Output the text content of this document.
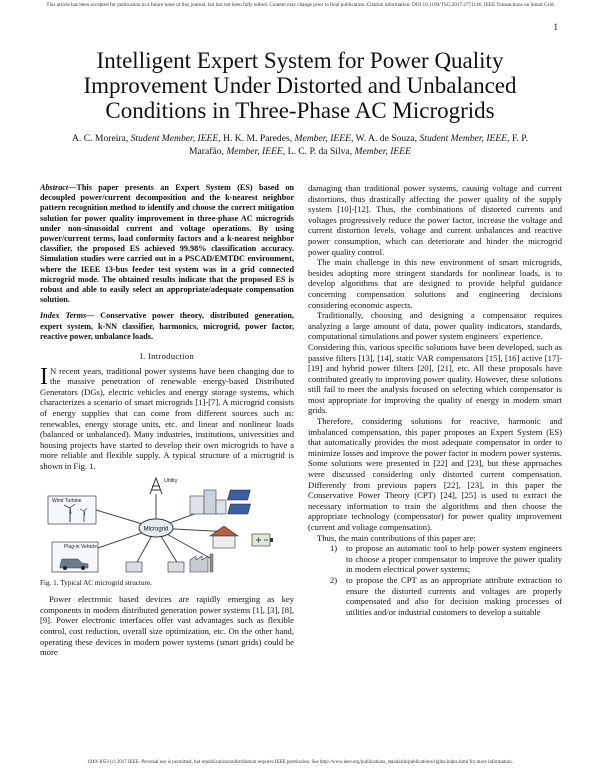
This article has been accepted for publication in a future issue of this journal, but has not been fully edited. Content may change prior to final publication. Citation information: DOI 10.1109/TSG.2017.2771146, IEEE Transactions on Smart Grid
1
Intelligent Expert System for Power Quality Improvement Under Distorted and Unbalanced Conditions in Three-Phase AC Microgrids
A. C. Moreira, Student Member, IEEE, H. K. M. Paredes, Member, IEEE, W. A. de Souza, Student Member, IEEE, F. P. Marafão, Member, IEEE, L. C. P. da Silva, Member, IEEE
Abstract—This paper presents an Expert System (ES) based on decoupled power/current decomposition and the k-nearest neighbor pattern recognition method to identify and choose the correct mitigation solution for power quality improvement in three-phase AC microgrids under non-sinusoidal current and voltage operations. By using power/current terms, load conformity factors and a k-nearest neighbor classifier, the proposed ES achieved 99.98% classification accuracy. Simulation studies were carried out in a PSCAD/EMTDC environment, where the IEEE 13-bus feeder test system was in a grid connected microgrid mode. The obtained results indicate that the proposed ES is robust and able to easily select an appropriate/adequate compensation solution.
Index Terms— Conservative power theory, distributed generation, expert system, k-NN classifier, harmonics, microgrid, power factor, reactive power, unbalance loads.
I. Introduction

I N recent years, traditional power systems have been changing due to the massive penetration of renewable energy-based Distributed Generators (DGs), electric vehicles and energy storage systems, which characterizes a scenario of smart microgrids [1]-[7]. A microgrid consists of energy supplies that can come from different sources such as: renewables, energy storage units, etc. and linear and nonlinear loads (balanced or unbalanced). Many industries, institutions, universities and housing projects have started to develop their own microgrids to have a more reliable and flexible supply. A typical structure of a microgrid is shown in Fig. 1.

Utility
Wind Turbine
Microgrid
Plug-in Vehicle
Fig. 1. Typical AC microgrid structure.

Power electronic based devices are rapidly emerging as key components in modern distributed generation power systems [1], [3], [8], [9]. Power electronic interfaces offer vast advantages such as flexible control, cost reduction, overall size optimization, etc. On the other hand, operating these devices in modern power systems (smart grids) could be more

damaging than traditional power systems, causing voltage and current distortions, thus drastically affecting the power quality of the supply system [10]-[12]. Thus, the combinations of distorted currents and voltages progressively reduce the power factor, increase the voltage and current distortion levels, voltage and current unbalances and reactive power consumption, which can deteriorate and hinder the microgrid power quality control.

The main challenge in this new environment of smart microgrids, besides adopting more stringent standards for nonlinear loads, is to develop algorithms that are designed to provide helpful guidance concerning compensation solutions and engineering decisions considering economic aspects.

Traditionally, choosing and designing a compensator requires analyzing a large amount of data, power quality indicators, standards, computational simulations and power system engineers´ experience.

Considering this, various specific solutions have been developed, such as passive filters [13], [14], static VAR compensators [15], [16] active [17]-[19] and hybrid power filters [20], [21], etc. All these proposals have contributed greatly to improving power quality. However, these solutions still fail to meet the analysis focused on selecting which compensator is most appropriate for improving the quality of energy in modern smart grids.

Therefore, considering solutions for reactive, harmonic and imbalanced compensation, this paper proposes an Expert System (ES) that automatically provides the most adequate compensator in order to minimize losses and improve the power factor in modern power systems. Some solutions were presented in [22] and [23], but these approaches were discussed considering only distorted current compensation. Differently from previous papers [22], [23], in this paper the Conservative Power Theory (CPT) [24], [25] is used to extract the necessary information to train the algorithms and then choose the appropriate technology (compensator) for power quality improvement (current and voltage compensation).

Thus, the main contributions of this paper are:

1) to propose an automatic tool to help power system engineers to choose a proper compensator to improve the power quality in modern electrical power systems;
2) to propose the CPT as an appropriate attribute extraction to ensure the distorted currents and voltages are properly compensated and also for decision making processes of utilities and/or industrial customers to develop a suitable
1949-3053 (c) 2017 IEEE. Personal use is permitted, but republication/redistribution requires IEEE permission. See http://www.ieee.org/publications_standards/publications/rights/index.html for more information.
